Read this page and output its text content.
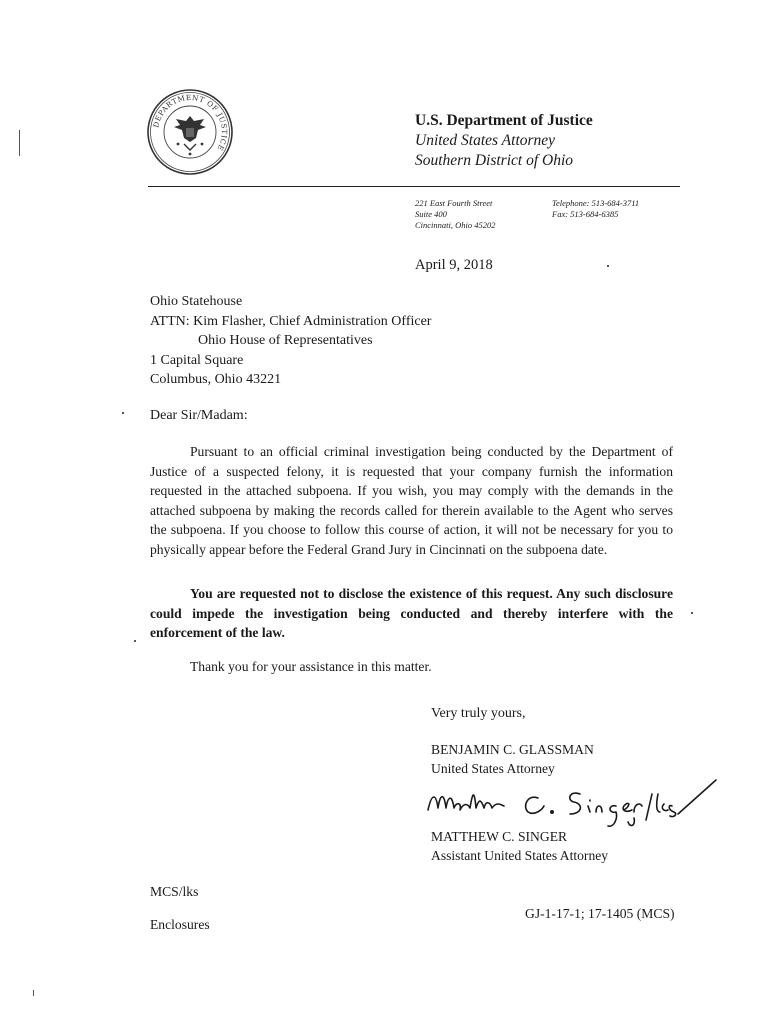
DEPARTMENT OF JUSTICE
U.S. Department of Justice
United States Attorney
Southern District of Ohio
221 East Fourth Street
Suite 400
Cincinnati, Ohio 45202
Telephone: 513-684-3711
Fax: 513-684-6385
April 9, 2018
Ohio Statehouse
ATTN: Kim Flasher, Chief Administration Officer
Ohio House of Representatives
1 Capital Square
Columbus, Ohio 43221
Dear Sir/Madam:
Pursuant to an official criminal investigation being conducted by the Department of Justice of a suspected felony, it is requested that your company furnish the information requested in the attached subpoena. If you wish, you may comply with the demands in the attached subpoena by making the records called for therein available to the Agent who serves the subpoena. If you choose to follow this course of action, it will not be necessary for you to physically appear before the Federal Grand Jury in Cincinnati on the subpoena date.
You are requested not to disclose the existence of this request. Any such disclosure could impede the investigation being conducted and thereby interfere with the enforcement of the law.
Thank you for your assistance in this matter.
Very truly yours,
BENJAMIN C. GLASSMAN
United States Attorney
MATTHEW C. SINGER
Assistant United States Attorney
MCS/lks
GJ-1-17-1; 17-1405 (MCS)
Enclosures
